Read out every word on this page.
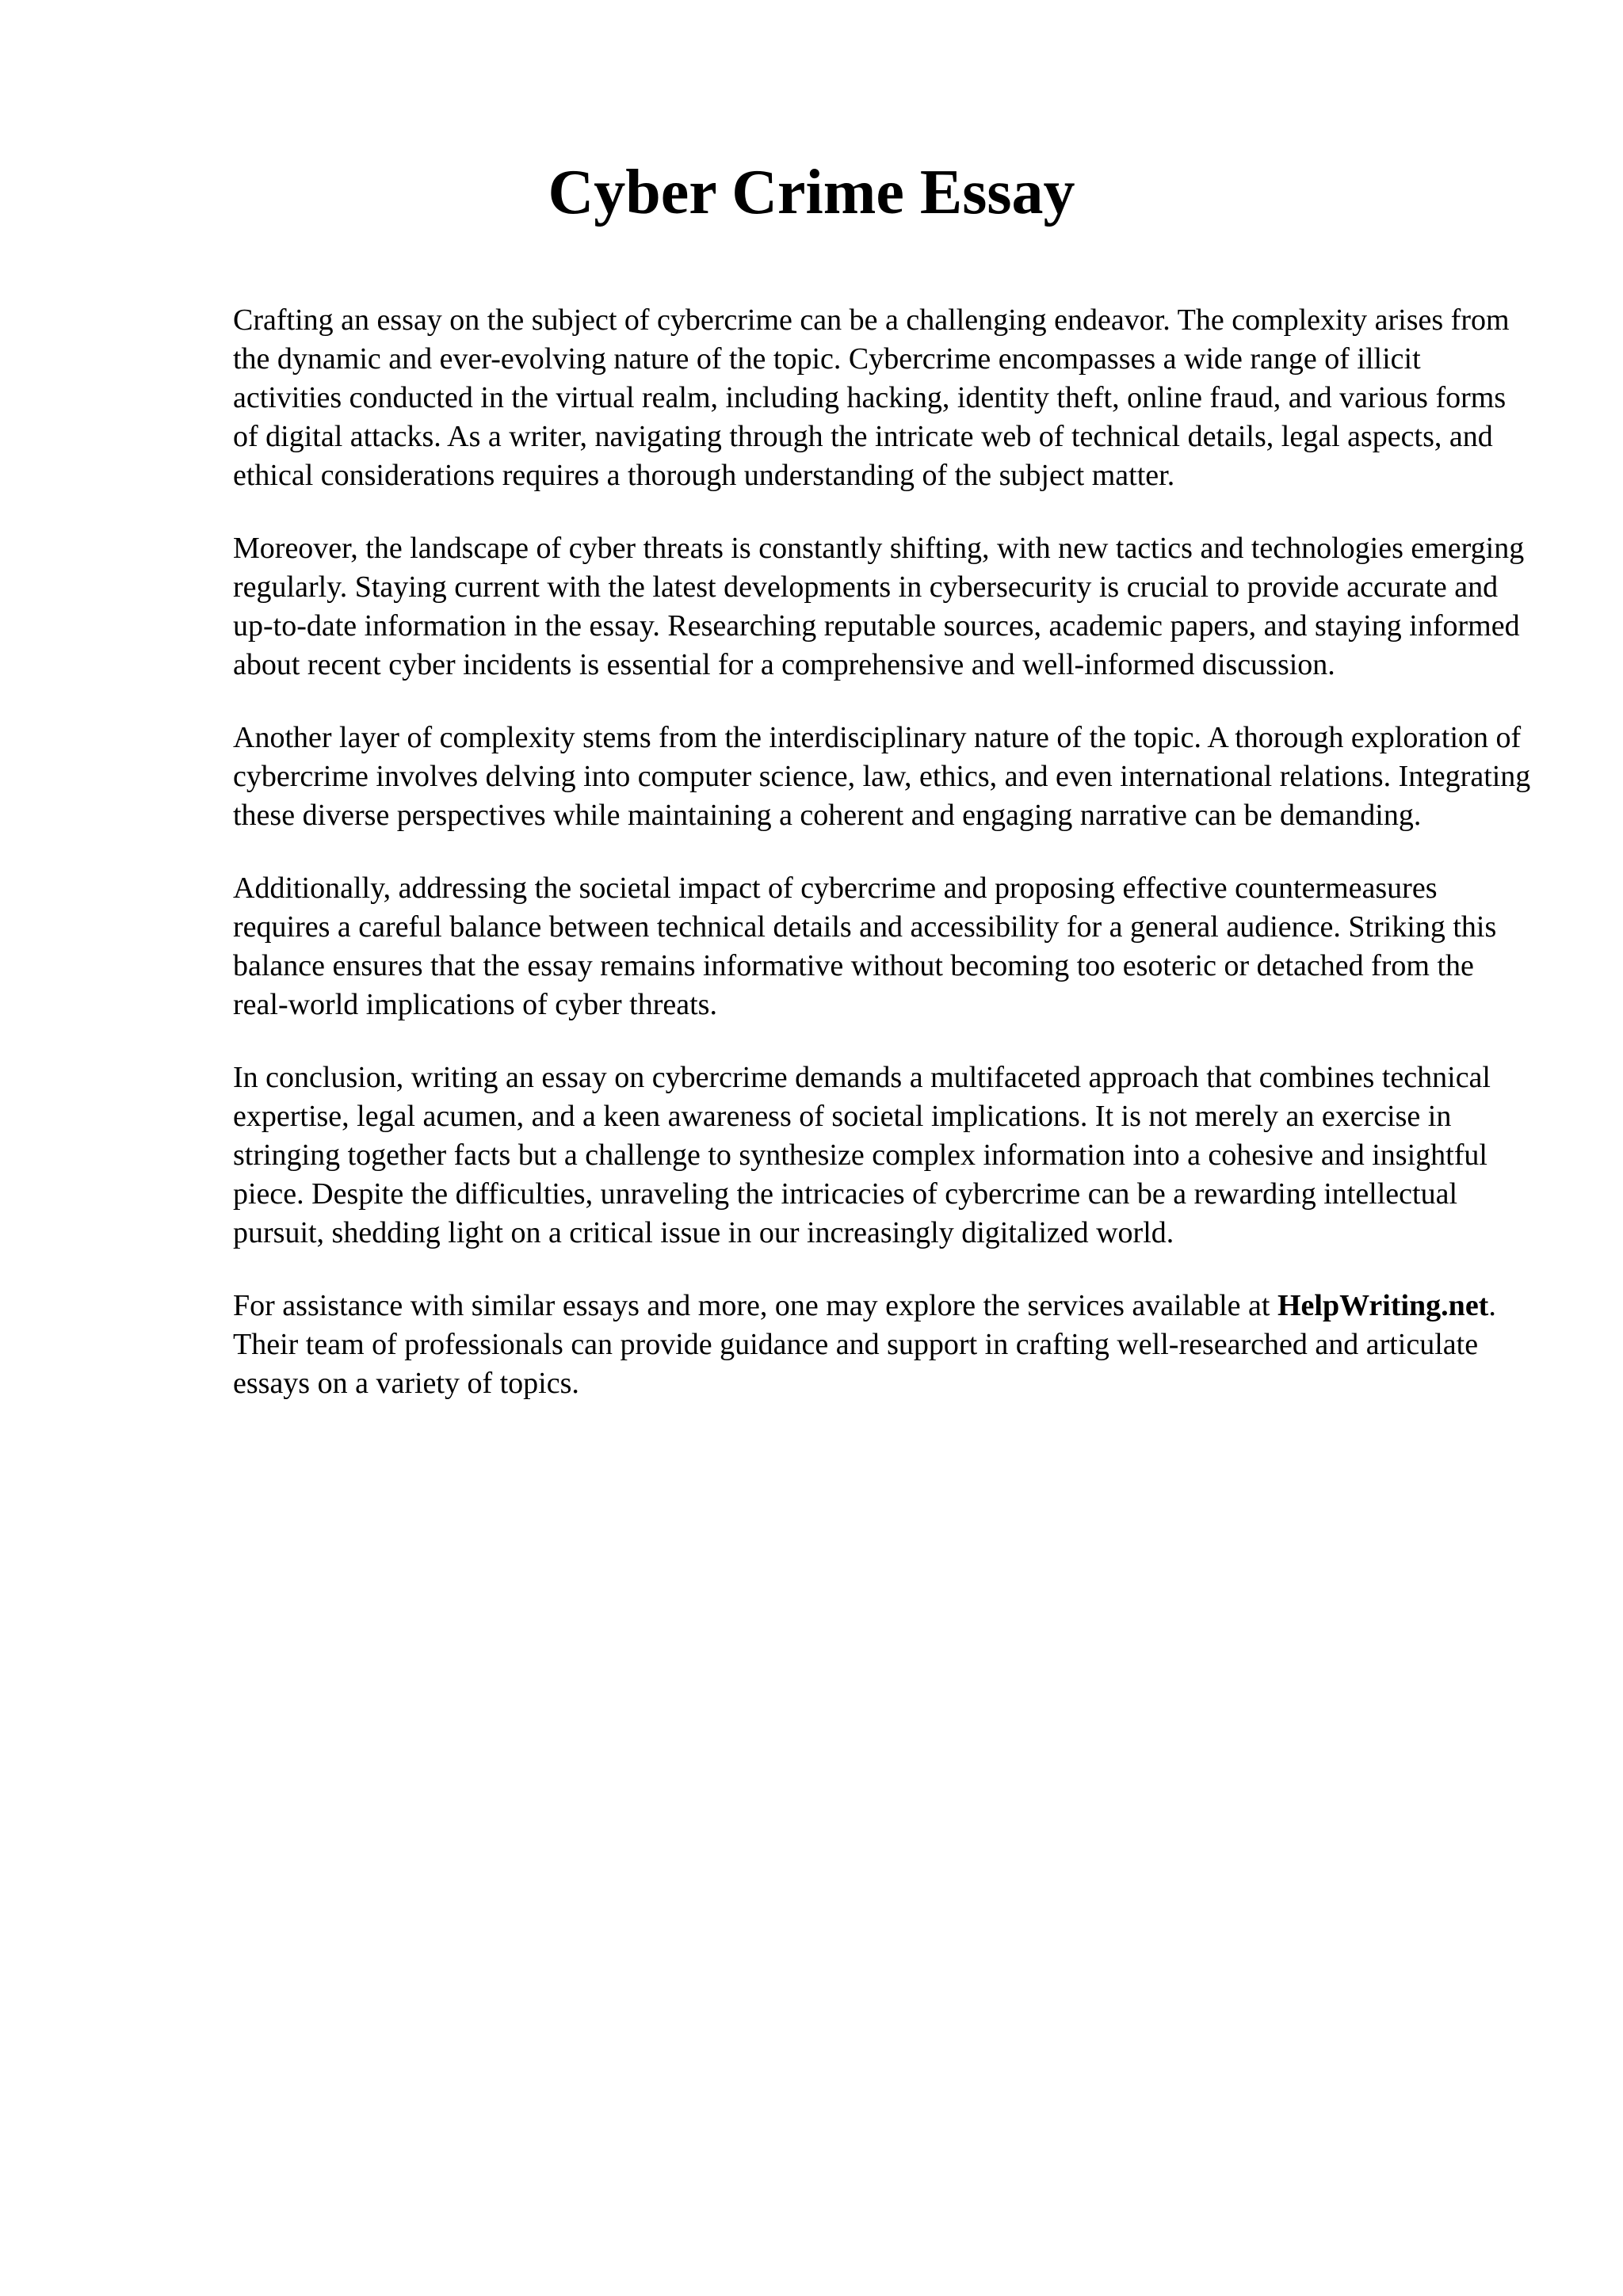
Cyber Crime Essay

Crafting an essay on the subject of cybercrime can be a challenging endeavor. The complexity arises from the dynamic and ever-evolving nature of the topic. Cybercrime encompasses a wide range of illicit activities conducted in the virtual realm, including hacking, identity theft, online fraud, and various forms of digital attacks. As a writer, navigating through the intricate web of technical details, legal aspects, and ethical considerations requires a thorough understanding of the subject matter.

Moreover, the landscape of cyber threats is constantly shifting, with new tactics and technologies emerging regularly. Staying current with the latest developments in cybersecurity is crucial to provide accurate and up-to-date information in the essay. Researching reputable sources, academic papers, and staying informed about recent cyber incidents is essential for a comprehensive and well-informed discussion.

Another layer of complexity stems from the interdisciplinary nature of the topic. A thorough exploration of cybercrime involves delving into computer science, law, ethics, and even international relations. Integrating these diverse perspectives while maintaining a coherent and engaging narrative can be demanding.

Additionally, addressing the societal impact of cybercrime and proposing effective countermeasures requires a careful balance between technical details and accessibility for a general audience. Striking this balance ensures that the essay remains informative without becoming too esoteric or detached from the real-world implications of cyber threats.

In conclusion, writing an essay on cybercrime demands a multifaceted approach that combines technical expertise, legal acumen, and a keen awareness of societal implications. It is not merely an exercise in stringing together facts but a challenge to synthesize complex information into a cohesive and insightful piece. Despite the difficulties, unraveling the intricacies of cybercrime can be a rewarding intellectual pursuit, shedding light on a critical issue in our increasingly digitalized world.

For assistance with similar essays and more, one may explore the services available at HelpWriting.net. Their team of professionals can provide guidance and support in crafting well-researched and articulate essays on a variety of topics.
